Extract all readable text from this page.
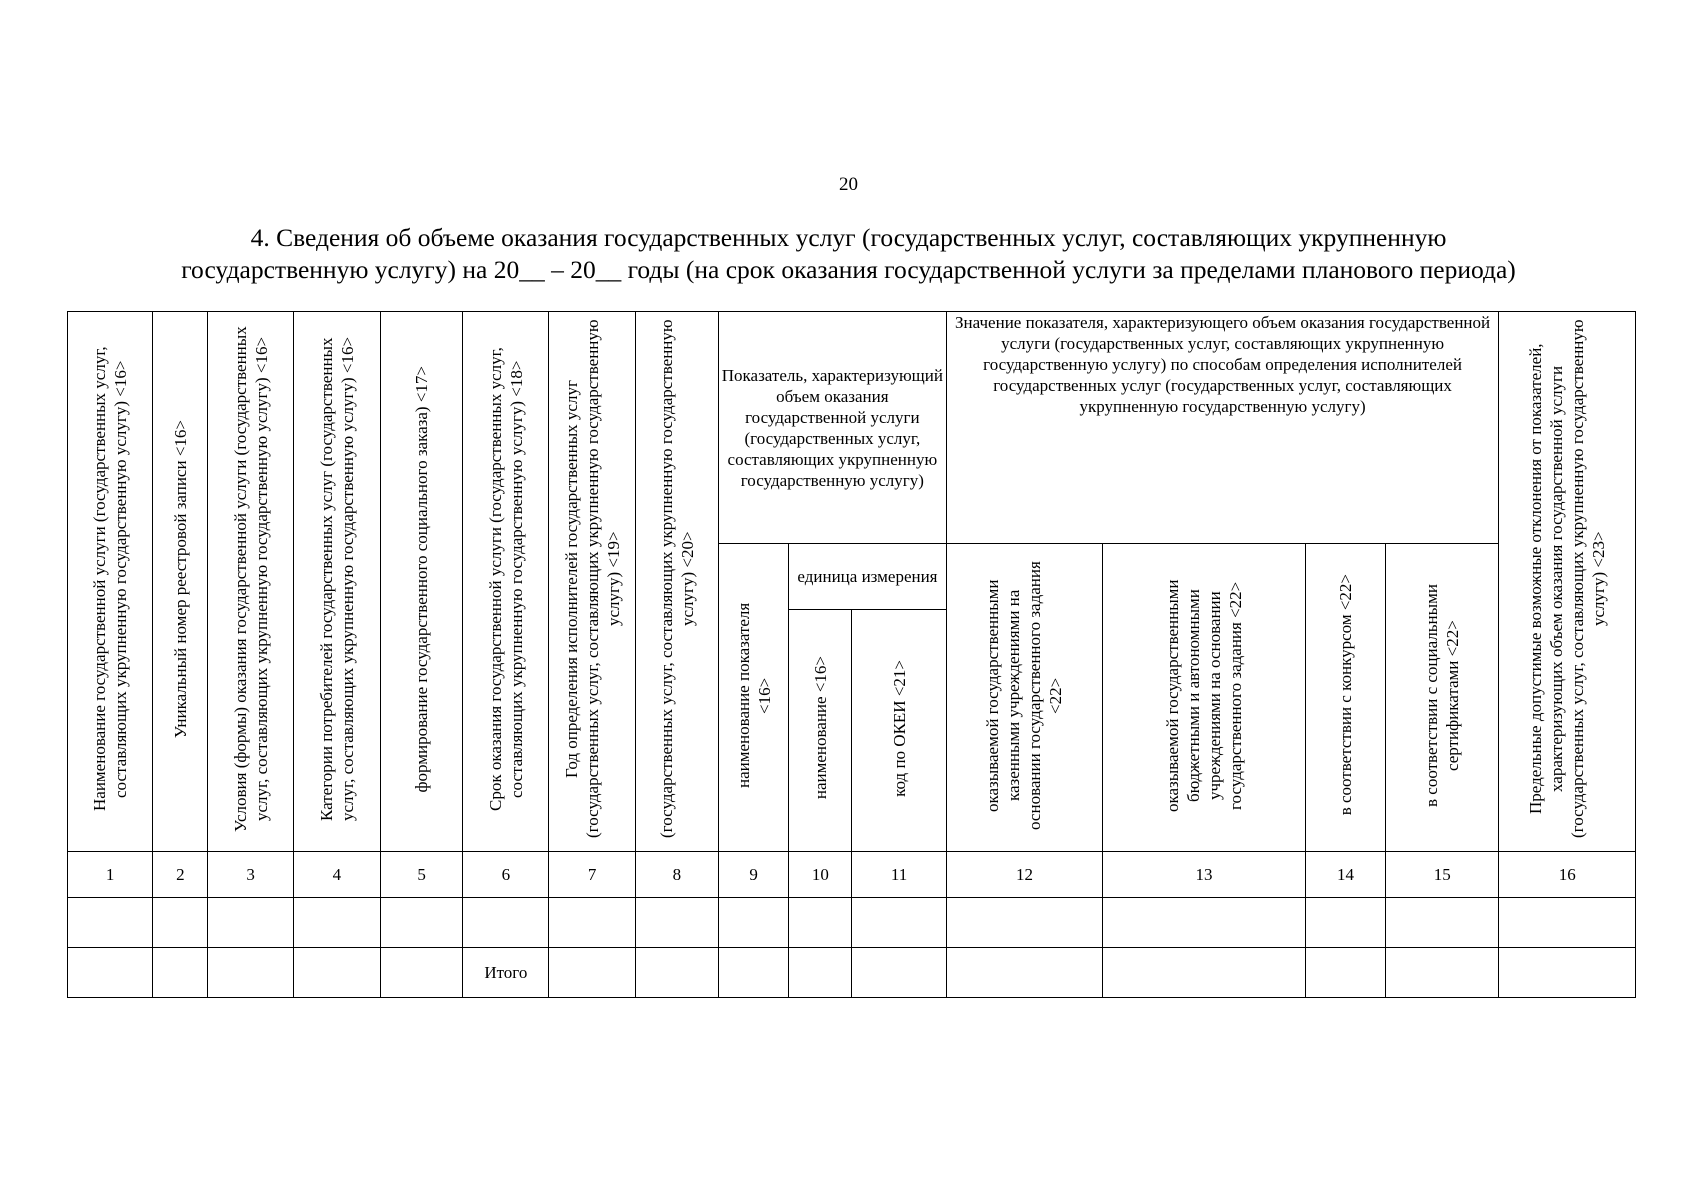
20
4. Сведения об объеме оказания государственных услуг (государственных услуг, составляющих укрупненную
государственную услугу) на 20__ – 20__ годы (на срок оказания государственной услуги за пределами планового периода)
Наименование государственной услуги (государственных услуг, составляющих укрупненную государственную услугу) <16>	Уникальный номер реестровой записи <16>	Условия (формы) оказания государственной услуги (государственных услуг, составляющих укрупненную государственную услугу) <16>	Категории потребителей государственных услуг (государственных услуг, составляющих укрупненную государственную услугу) <16>	формирование государственного социального заказа) <17>	Срок оказания государственной услуги (государственных услуг, составляющих укрупненную государственную услугу) <18>	Год определения исполнителей государственных услуг (государственных услуг, составляющих укрупненную государственную услугу) <19>	(государственных услуг, составляющих укрупненную государственную услугу) <20>	Показатель, характеризующий объем оказания государственной услуги (государственных услуг, составляющих укрупненную государственную услугу)			Значение показателя, характеризующего объем оказания государственной услуги (государственных услуг, составляющих укрупненную государственную услугу) по способам определения исполнителей государственных услуг (государственных услуг, составляющих укрупненную государственную услугу)				Предельные допустимые возможные отклонения от показателей, характеризующих объем оказания государственной услуги (государственных услуг, составляющих укрупненную государственную услугу) <23>
								наименование показателя <16>	единица измерения		оказываемой государственными казенными учреждениями на основании государственного задания <22>	оказываемой государственными бюджетными и автономными учреждениями на основании государственного задания <22>	в соответствии с конкурсом <22>	в соответствии с социальными сертификатами <22>	
									наименование <16>	код по ОКЕИ <21>					
1	2	3	4	5	6	7	8	9	10	11	12	13	14	15	16

					Итого										
